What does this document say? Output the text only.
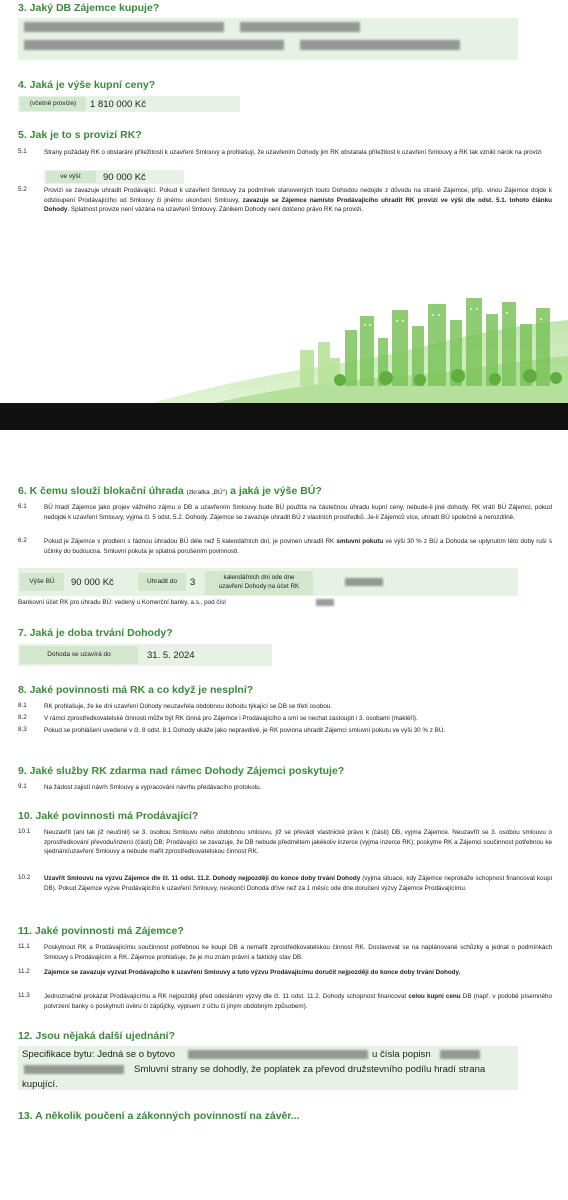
3. Jaký DB Zájemce kupuje?
4. Jaká je výše kupní ceny?
(včetně provize)	1 810 000 Kč
5. Jak je to s provizí RK?
5.1	Strany požádaly RK o obstarání příležitosti k uzavření Smlouvy a prohlašují, že uzavřením Dohody jim RK obstarala příležitost k uzavření Smlouvy a RK tak vznikl nárok na provizi
ve výši:	90 000 Kč
5.2	Provizi se zavazuje uhradit Prodávající. Pokud k uzavření Smlouvy za podmínek stanovených touto Dohodou nedojde z důvodu na straně Zájemce, příp. vinou Zájemce dojde k odstoupení Prodávajícího od Smlouvy či jinému ukončení Smlouvy, zavazuje se Zájemce namísto Prodávajícího uhradit RK provizi ve výši dle odst. 5.1. tohoto článku Dohody. Splatnost provize není vázána na uzavření Smlouvy. Zánikem Dohody není dotčeno právo RK na provizi.
6. K čemu slouží blokační úhrada (zkratka „BÚ") a jaká je výše BÚ?
6.1	BÚ hradí Zájemce jako projev vážného zájmu o DB a uzavřením Smlouvy bude BÚ použita na částečnou úhradu kupní ceny, nebude-li jiné dohody. RK vrátí BÚ Zájemci, pokud nedojde k uzavření Smlouvy, vyjma čl. 5 odst. 5.2. Dohody. Zájemce se zavazuje uhradit BÚ z vlastních prostředků. Je-li Zájemců více, uhradí BÚ společně a nerozdílně.
6.2	Pokud je Zájemce v prodlení s řádnou úhradou BÚ déle než 5 kalendářních dní, je povinen uhradit RK smluvní pokutu ve výši 30 % z BÚ a Dohoda se uplynutím této doby ruší s účinky do budoucna. Smluvní pokuta je splatná porušením povinnosti.
Výše BÚ	90 000 Kč	Uhradit do	3	kalendářních dní ode dne
uzavření Dohody na účet RK
Bankovní účet RK pro úhradu BÚ: vedený u Komerční banky, a.s., pod čísl
7. Jaká je doba trvání Dohody?
Dohoda se uzavírá do	31. 5. 2024
8. Jaké povinnosti má RK a co když je nesplní?
8.1	RK prohlašuje, že ke dni uzavření Dohody neuzavřela obdobnou dohodu týkající se DB se třetí osobou.
8.2	V rámci zprostředkovatelské činnosti může být RK činná pro Zájemce i Prodávajícího a smí se nechat zastoupit i 3. osobami (makléři).
8.3	Pokud se prohlášení uvedené v čl. 8 odst. 8.1 Dohody ukáže jako nepravdivé, je RK povinna uhradit Zájemci smluvní pokutu ve výši 30 % z BÚ.
9. Jaké služby RK zdarma nad rámec Dohody Zájemci poskytuje?
9.1	Na žádost zajistí návrh Smlouvy a vypracování návrhu předávacího protokolu.
10. Jaké povinnosti má Prodávající?
10.1 Neuzavřít (ani tak již neučinil) se 3. osobou Smlouvu nebo obdobnou smlouvu, jíž se převádí vlastnické právo k (části) DB, vyjma Zájemce. Neuzavřít se 3. osobou smlouvu o zprostředkování převodu/inzerci (části) DB; Prodávající se zavazuje, že DB nebude předmětem jakékoliv inzerce (vyjma inzerce RK); poskytne RK a Zájemci součinnost potřebnou ke sjednání/uzavření Smlouvy a nebude mařit zprostředkovatelskou činnost RK.
10.2 Uzavřít Smlouvu na výzvu Zájemce dle čl. 11 odst. 11.2. Dohody nejpozději do konce doby trvání Dohody (vyjma situace, kdy Zájemce neprokáže schopnost financovat koupi DB). Pokud Zájemce vyzve Prodávajícího k uzavření Smlouvy, neskončí Dohoda dříve než za 1 měsíc ode dne doručení výzvy Zájemce Prodávajícímu.
11. Jaké povinnosti má Zájemce?
11.1 Poskytnout RK a Prodávajícímu součinnost potřebnou ke koupi DB a nemařit zprostředkovatelskou činnost RK. Dostavovat se na naplánované schůzky a jednat o podmínkách Smlouvy s Prodávajícím a RK. Zájemce prohlašuje, že je mu znám právní a faktický stav DB.
11.2 Zájemce se zavazuje vyzvat Prodávajícího k uzavření Smlouvy a tuto výzvu Prodávajícímu doručit nejpozději do konce doby trvání Dohody.
11.3 Jednoznačně prokázat Prodávajícímu a RK nejpozději před odesláním výzvy dle čl. 11 odst. 11.2. Dohody schopnost financovat celou kupní cenu DB (např. v podobě písemného potvrzení banky o poskytnutí úvěru či zápůjčky, výpisem z účtu či jiným obdobným způsobem).
12. Jsou nějaká další ujednání?
Specifikace bytu: Jedná se o bytovo	u čísla popisn
Smluvní strany se dohodly, že poplatek za převod družstevního podílu hradí strana
kupující.
13. A několik poučení a zákonných povinností na závěr...
